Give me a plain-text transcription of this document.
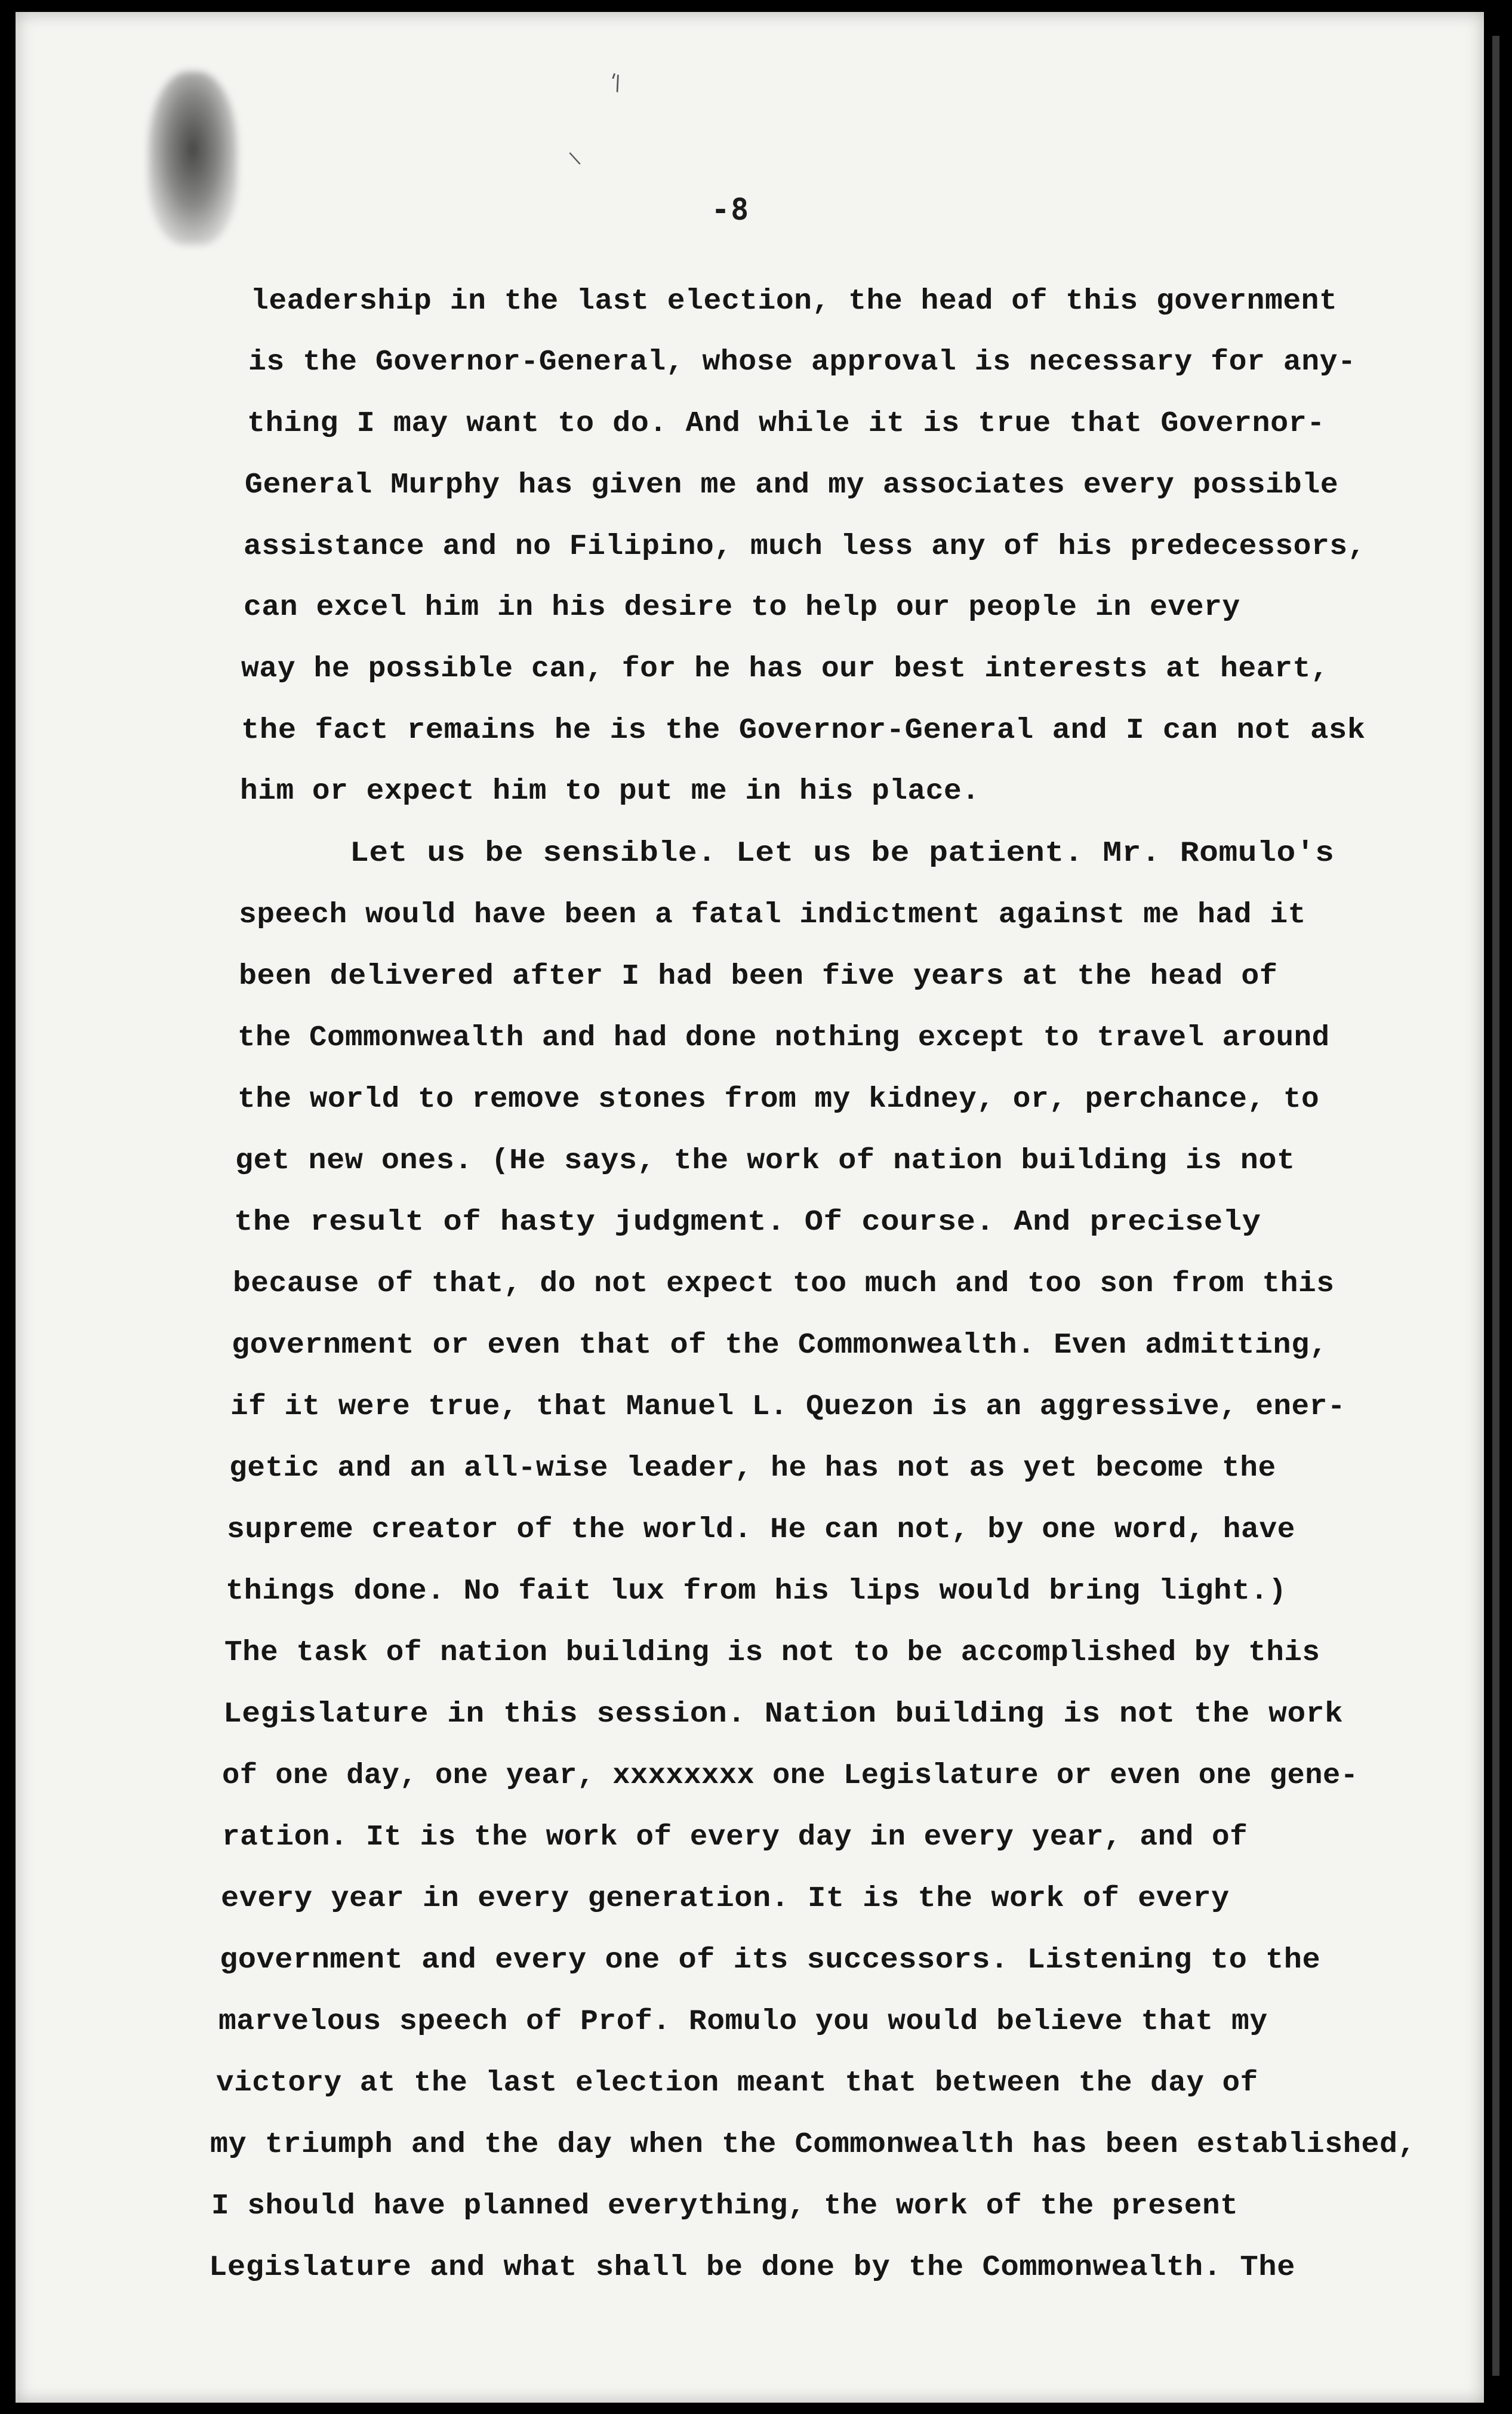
'\
\
-8
leadership in the last election, the head of this government
is the Governor-General, whose approval is necessary for any-
thing I may want to do. And while it is true that Governor-
General Murphy has given me and my associates every possible
assistance and no Filipino, much less any of his predecessors,
can excel him in his desire to help our people in every
way he possible can, for he has our best interests at heart,
the fact remains he is the Governor-General and I can not ask
him or expect him to put me in his place.
Let us be sensible. Let us be patient. Mr. Romulo's
speech would have been a fatal indictment against me had it
been delivered after I had been five years at the head of
the Commonwealth and had done nothing except to travel around
the world to remove stones from my kidney, or, perchance, to
get new ones. (He says, the work of nation building is not
the result of hasty judgment. Of course. And precisely
because of that, do not expect too much and too son from this
government or even that of the Commonwealth. Even admitting,
if it were true, that Manuel L. Quezon is an aggressive, ener-
getic and an all-wise leader, he has not as yet become the
supreme creator of the world. He can not, by one word, have
things done. No fait lux from his lips would bring light.)
The task of nation building is not to be accomplished by this
Legislature in this session. Nation building is not the work
of one day, one year, xxxxxxxx one Legislature or even one gene-
ration. It is the work of every day in every year, and of
every year in every generation. It is the work of every
government and every one of its successors. Listening to the
marvelous speech of Prof. Romulo you would believe that my
victory at the last election meant that between the day of
my triumph and the day when the Commonwealth has been established,
I should have planned everything, the work of the present
Legislature and what shall be done by the Commonwealth. The
